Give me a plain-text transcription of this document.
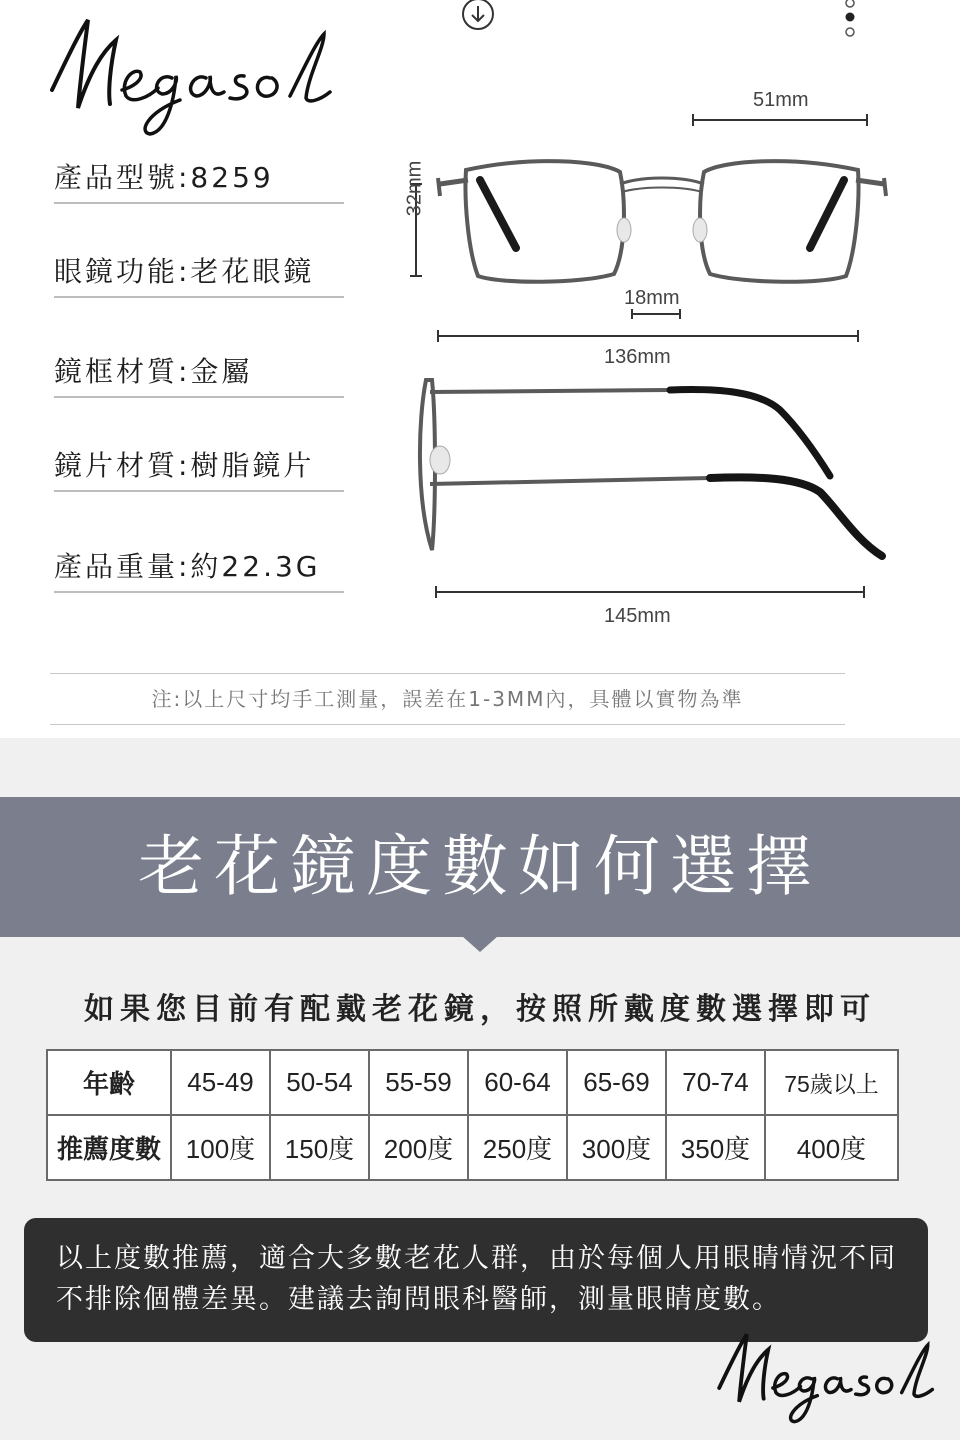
產品型號:8259
眼鏡功能:老花眼鏡
鏡框材質:金屬
鏡片材質:樹脂鏡片
產品重量:約22.3G
51mm
32mm
18mm
136mm
145mm
注:以上尺寸均手工測量，誤差在1-3MM內，具體以實物為準
老花鏡度數如何選擇
如果您目前有配戴老花鏡，按照所戴度數選擇即可
年齡	45-49	50-54	55-59	60-64	65-69	70-74	75歲以上
推薦度數	100度	150度	200度	250度	300度	350度	400度
以上度數推薦，適合大多數老花人群，由於每個人用眼睛情況不同
不排除個體差異。建議去詢問眼科醫師，測量眼睛度數。
